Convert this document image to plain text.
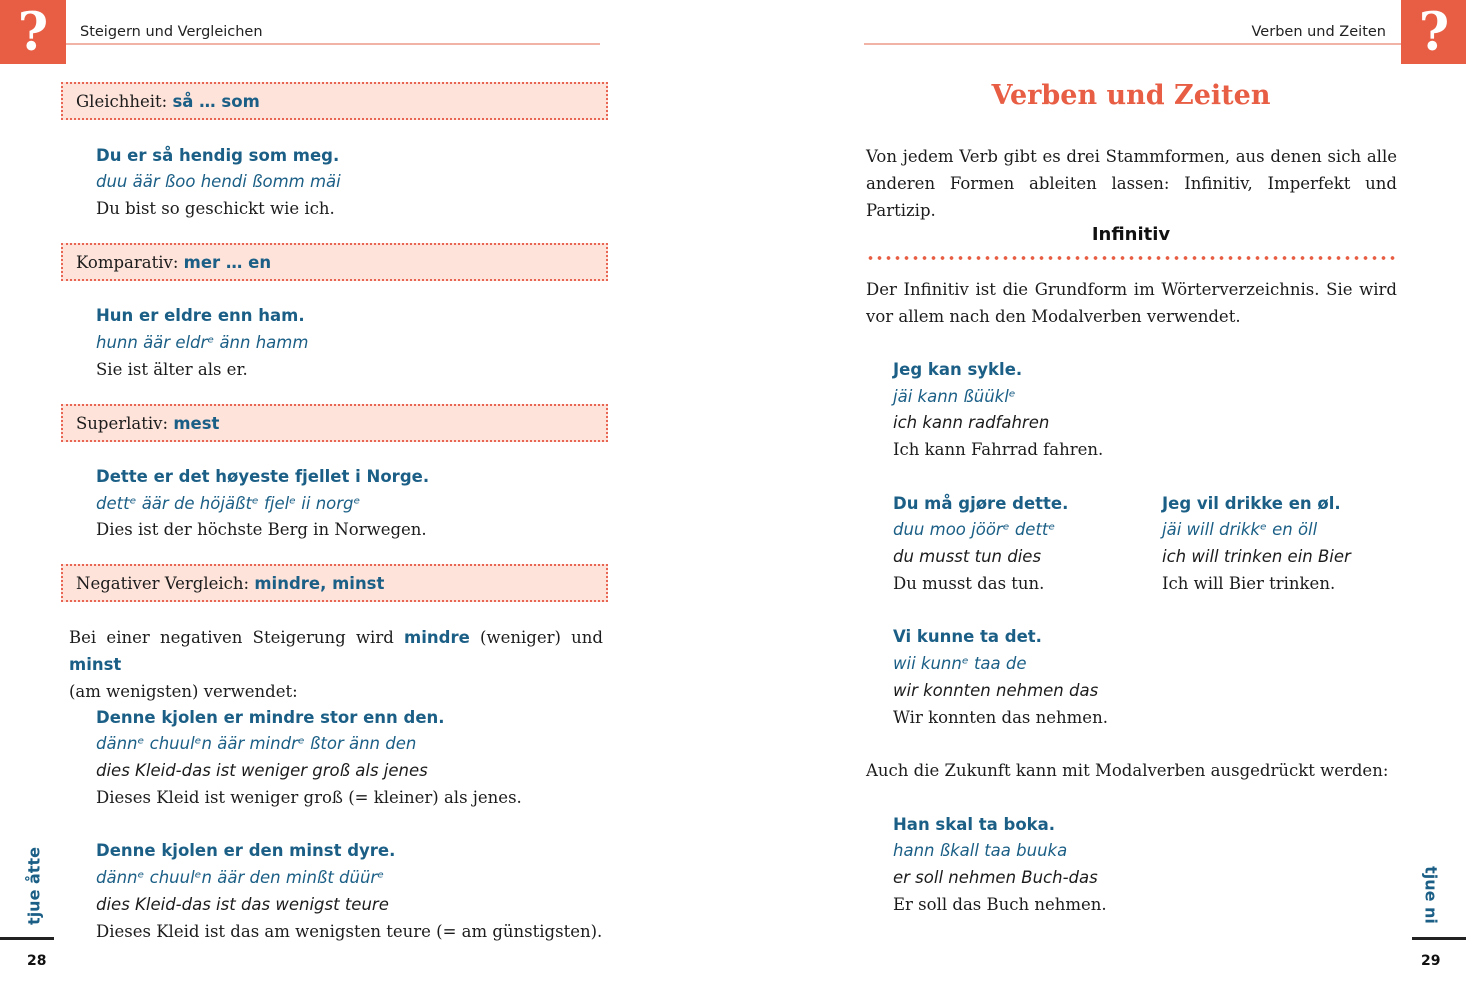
?	Steigern und Vergleichen
Gleichheit:
så … som
Du er så hendig som meg.
duu äär ßoo hendi ßomm mäi
Du bist so geschickt wie ich.
Komparativ:
mer … en
Hun er eldre enn ham.
hunn äär eldrᵉ änn hamm
Sie ist älter als er.
Superlativ:
mest
Dette er det høyeste fjellet i Norge.
dettᵉ äär de höjäßtᵉ fjelᵉ ii norgᵉ
Dies ist der höchste Berg in Norwegen.
Negativer Vergleich:
mindre, minst
Bei einer negativen Steigerung wird mindre (weniger) und minst
(am wenigsten) verwendet:
Denne kjolen er mindre stor enn den.
dännᵉ chuulᵉn äär mindrᵉ ßtor änn den
dies Kleid-das ist weniger groß als jenes
Dieses Kleid ist weniger groß (= kleiner) als jenes.
Denne kjolen er den minst dyre.
dännᵉ chuulᵉn äär den minßt düürᵉ
dies Kleid-das ist das wenigst teure
Dieses Kleid ist das am wenigsten teure (= am günstigsten).
tjue åtte
28
?
Verben und Zeiten
Verben und Zeiten
Von jedem Verb gibt es drei Stammformen, aus denen sich alle anderen Formen ableiten lassen: Infinitiv, Imperfekt und Partizip.
Infinitiv
Der Infinitiv ist die Grundform im Wörterverzeichnis. Sie wird vor allem nach den Modalverben verwendet.
Jeg kan sykle.
jäi kann ßüüklᵉ
ich kann radfahren
Ich kann Fahrrad fahren.
Du må gjøre dette.
duu moo jöörᵉ dettᵉ
du musst tun dies
Du musst das tun.
Jeg vil drikke en øl.
jäi will drikkᵉ en öll
ich will trinken ein Bier
Ich will Bier trinken.
Vi kunne ta det.
wii kunnᵉ taa de
wir konnten nehmen das
Wir konnten das nehmen.
Auch die Zukunft kann mit Modalverben ausgedrückt werden:
Han skal ta boka.
hann ßkall taa buuka
er soll nehmen Buch-das
Er soll das Buch nehmen.	tjue ni
29
